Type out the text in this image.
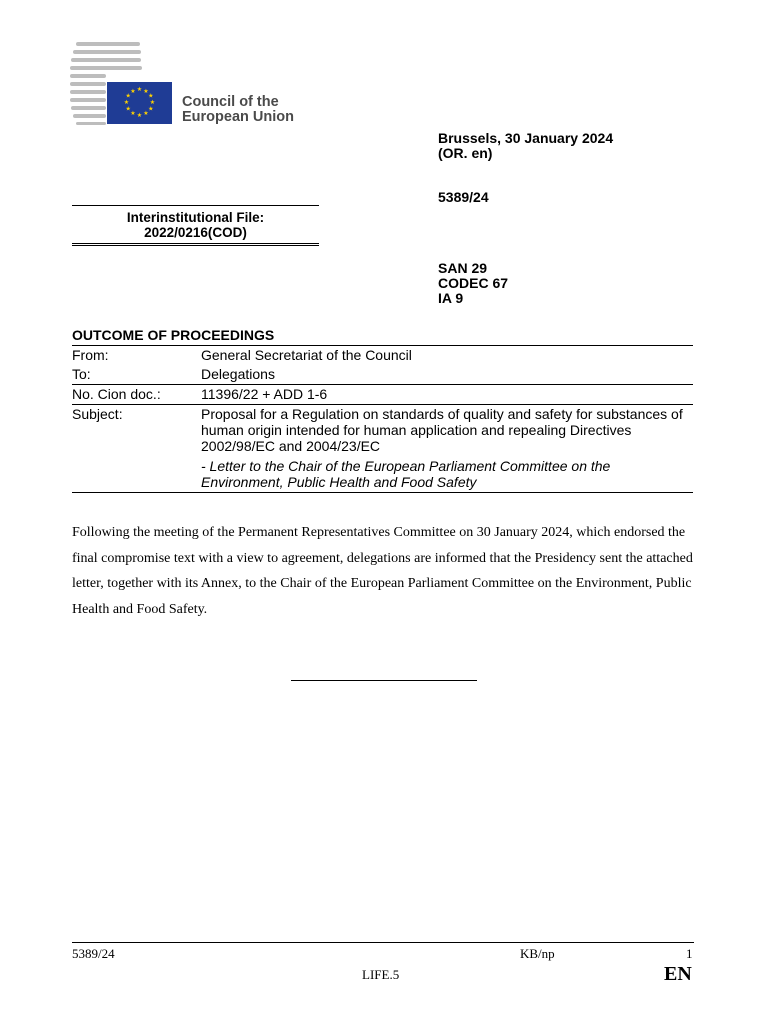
★ ★
★
★
★
★
★
★
★
★
★
★
Council of the
European Union
Brussels, 30 January 2024
(OR. en)
5389/24
SAN 29
CODEC 67
IA 9
Interinstitutional File:
2022/0216(COD)
OUTCOME OF PROCEEDINGS
From:	General Secretariat of the Council
To:	Delegations
No. Cion doc.:	11396/22 + ADD 1-6
Subject:	Proposal for a Regulation on standards of quality and safety for substances of human origin intended for human application and repealing Directives 2002/98/EC and 2004/23/EC
- Letter to the Chair of the European Parliament Committee on the Environment, Public Health and Food Safety
Following the meeting of the Permanent Representatives Committee on 30 January 2024, which endorsed the final compromise text with a view to agreement, delegations are informed that the Presidency sent the attached letter, together with its Annex, to the Chair of the European Parliament Committee on the Environment, Public Health and Food Safety.
5389/24	KB/np	1
LIFE.5	EN
